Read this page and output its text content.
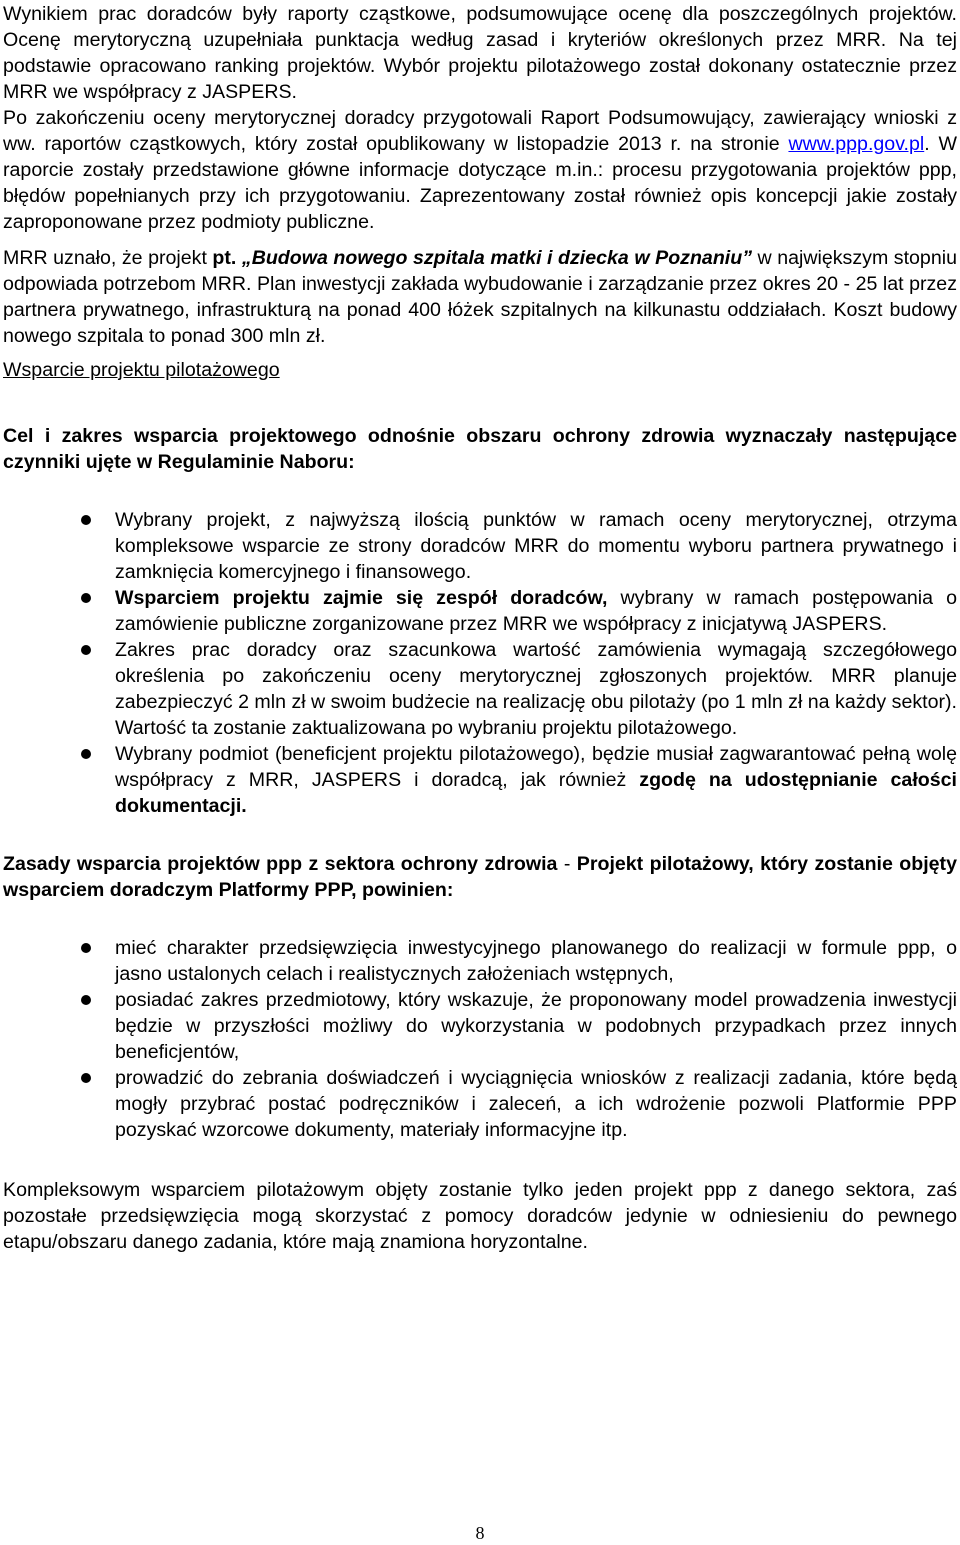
Wynikiem prac doradców były raporty cząstkowe, podsumowujące ocenę dla poszczególnych projektów. Ocenę merytoryczną uzupełniała punktacja według zasad i kryteriów określonych przez MRR. Na tej podstawie opracowano ranking projektów. Wybór projektu pilotażowego został dokonany ostatecznie przez MRR we współpracy z JASPERS.

Po zakończeniu oceny merytorycznej doradcy przygotowali Raport Podsumowujący, zawierający wnioski z ww. raportów cząstkowych, który został opublikowany w listopadzie 2013 r. na stronie www.ppp.gov.pl. W raporcie zostały przedstawione główne informacje dotyczące m.in.: procesu przygotowania projektów ppp, błędów popełnianych przy ich przygotowaniu. Zaprezentowany został również opis koncepcji jakie zostały zaproponowane przez podmioty publiczne.

MRR uznało, że projekt pt. „Budowa nowego szpitala matki i dziecka w Poznaniu” w największym stopniu odpowiada potrzebom MRR. Plan inwestycji zakłada wybudowanie i zarządzanie przez okres 20 - 25 lat przez partnera prywatnego, infrastrukturą na ponad 400 łóżek szpitalnych na kilkunastu oddziałach. Koszt budowy nowego szpitala to ponad 300 mln zł.

Wsparcie projektu pilotażowego

Cel i zakres wsparcia projektowego odnośnie obszaru ochrony zdrowia wyznaczały następujące czynniki ujęte w Regulaminie Naboru:

Wybrany projekt, z najwyższą ilością punktów w ramach oceny merytorycznej, otrzyma kompleksowe wsparcie ze strony doradców MRR do momentu wyboru partnera prywatnego i zamknięcia komercyjnego i finansowego.
Wsparciem projektu zajmie się zespół doradców, wybrany w ramach postępowania o zamówienie publiczne zorganizowane przez MRR we współpracy z inicjatywą JASPERS.
Zakres prac doradcy oraz szacunkowa wartość zamówienia wymagają szczegółowego określenia po zakończeniu oceny merytorycznej zgłoszonych projektów. MRR planuje zabezpieczyć 2 mln zł w swoim budżecie na realizację obu pilotaży (po 1 mln zł na każdy sektor). Wartość ta zostanie zaktualizowana po wybraniu projektu pilotażowego.
Wybrany podmiot (beneficjent projektu pilotażowego), będzie musiał zagwarantować pełną wolę współpracy z MRR, JASPERS i doradcą, jak również zgodę na udostępnianie całości dokumentacji.

Zasady wsparcia projektów ppp z sektora ochrony zdrowia - Projekt pilotażowy, który zostanie objęty wsparciem doradczym Platformy PPP, powinien:

mieć charakter przedsięwzięcia inwestycyjnego planowanego do realizacji w formule ppp, o jasno ustalonych celach i realistycznych założeniach wstępnych,
posiadać zakres przedmiotowy, który wskazuje, że proponowany model prowadzenia inwestycji będzie w przyszłości możliwy do wykorzystania w podobnych przypadkach przez innych beneficjentów,
prowadzić do zebrania doświadczeń i wyciągnięcia wniosków z realizacji zadania, które będą mogły przybrać postać podręczników i zaleceń, a ich wdrożenie pozwoli Platformie PPP pozyskać wzorcowe dokumenty, materiały informacyjne itp.

Kompleksowym wsparciem pilotażowym objęty zostanie tylko jeden projekt ppp z danego sektora, zaś pozostałe przedsięwzięcia mogą skorzystać z pomocy doradców jedynie w odniesieniu do pewnego etapu/obszaru danego zadania, które mają znamiona horyzontalne.

8
